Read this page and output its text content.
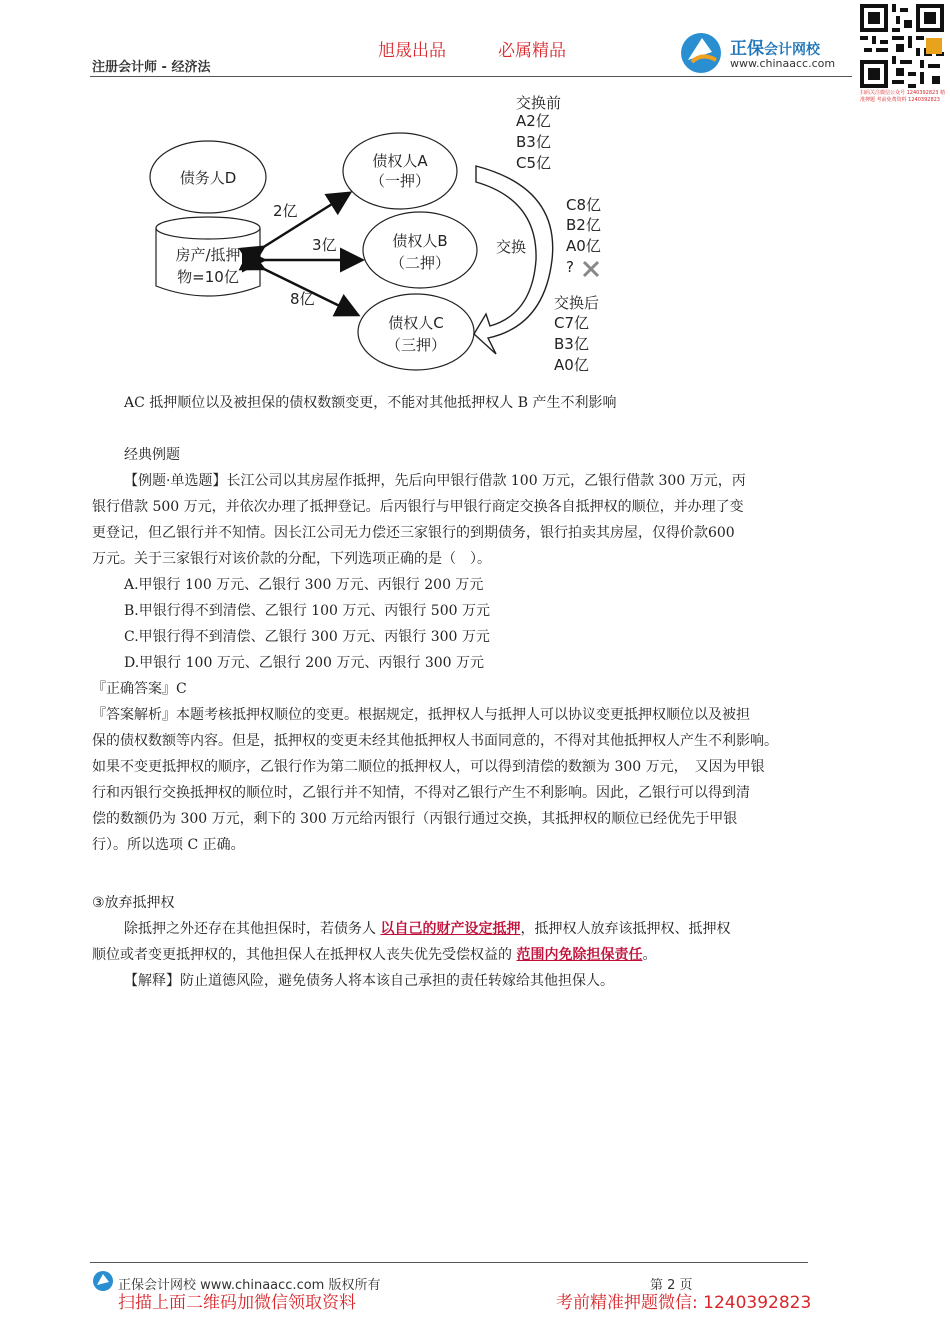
注册会计师 - 经济法
旭晟出品	必属精品	正保会计网校
www.chinaacc.com
扫码关注微信公众号 1240392823 精准押题 考前免费资料 1240392823
债务人D
房产/抵押
物=10亿
债权人A
（一押）
债权人B
（二押）
债权人C
（三押）
2亿
3亿
8亿
交换
交换前
A2亿
B3亿
C5亿
C8亿
B2亿
A0亿
?
交换后
C7亿
B3亿
A0亿
AC 抵押顺位以及被担保的债权数额变更，不能对其他抵押权人 B 产生不利影响
经典例题
【例题·单选题】长江公司以其房屋作抵押，先后向甲银行借款 100 万元，乙银行借款 300 万元，丙
银行借款 500 万元，并依次办理了抵押登记。后丙银行与甲银行商定交换各自抵押权的顺位，并办理了变
更登记，但乙银行并不知情。因长江公司无力偿还三家银行的到期债务，银行拍卖其房屋，仅得价款600
万元。关于三家银行对该价款的分配，下列选项正确的是（　）。
A.甲银行 100 万元、乙银行 300 万元、丙银行 200 万元
B.甲银行得不到清偿、乙银行 100 万元、丙银行 500 万元
C.甲银行得不到清偿、乙银行 300 万元、丙银行 300 万元
D.甲银行 100 万元、乙银行 200 万元、丙银行 300 万元
『正确答案』C
『答案解析』本题考核抵押权顺位的变更。根据规定，抵押权人与抵押人可以协议变更抵押权顺位以及被担
保的债权数额等内容。但是，抵押权的变更未经其他抵押权人书面同意的，不得对其他抵押权人产生不利影响。
如果不变更抵押权的顺序，乙银行作为第二顺位的抵押权人，可以得到清偿的数额为 300 万元，　又因为甲银
行和丙银行交换抵押权的顺位时，乙银行并不知情，不得对乙银行产生不利影响。因此，乙银行可以得到清
偿的数额仍为 300 万元，剩下的 300 万元给丙银行（丙银行通过交换，其抵押权的顺位已经优先于甲银
行）。所以选项 C 正确。
③放弃抵押权
除抵押之外还存在其他担保时，若债务人 以自己的财产设定抵押，抵押权人放弃该抵押权、抵押权
顺位或者变更抵押权的，其他担保人在抵押权人丧失优先受偿权益的 范围内免除担保责任。
【解释】防止道德风险，避免债务人将本该自己承担的责任转嫁给其他担保人。
正保会计网校 www.chinaacc.com 版权所有	第 2 页
扫描上面二维码加微信领取资料	考前精准押题微信: 1240392823
